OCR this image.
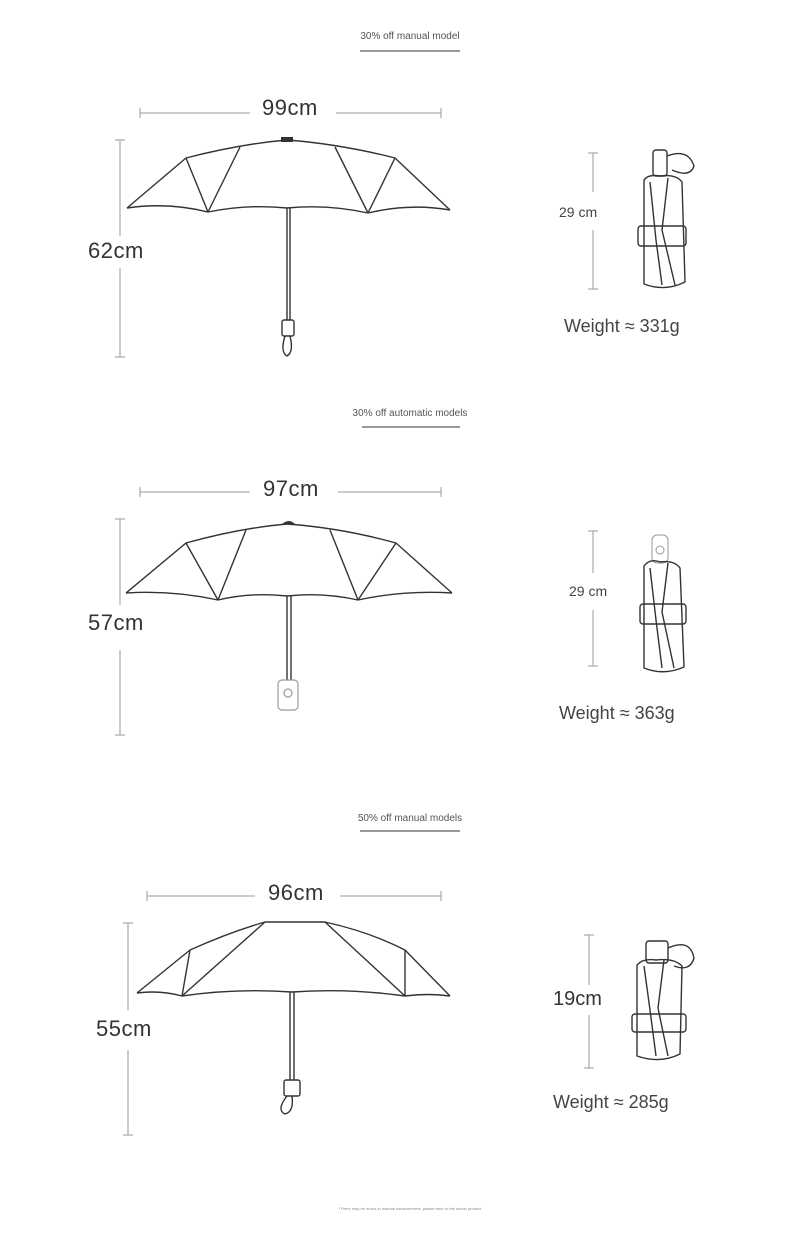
30% off manual model
99cm
62cm
29 cm
Weight ≈ 331g
30% off automatic models
97cm
57cm
29 cm
Weight ≈ 363g
50% off manual models
96cm
55cm
19cm
Weight ≈ 285g
*There may be errors in manual measurement, please refer to the actual product
